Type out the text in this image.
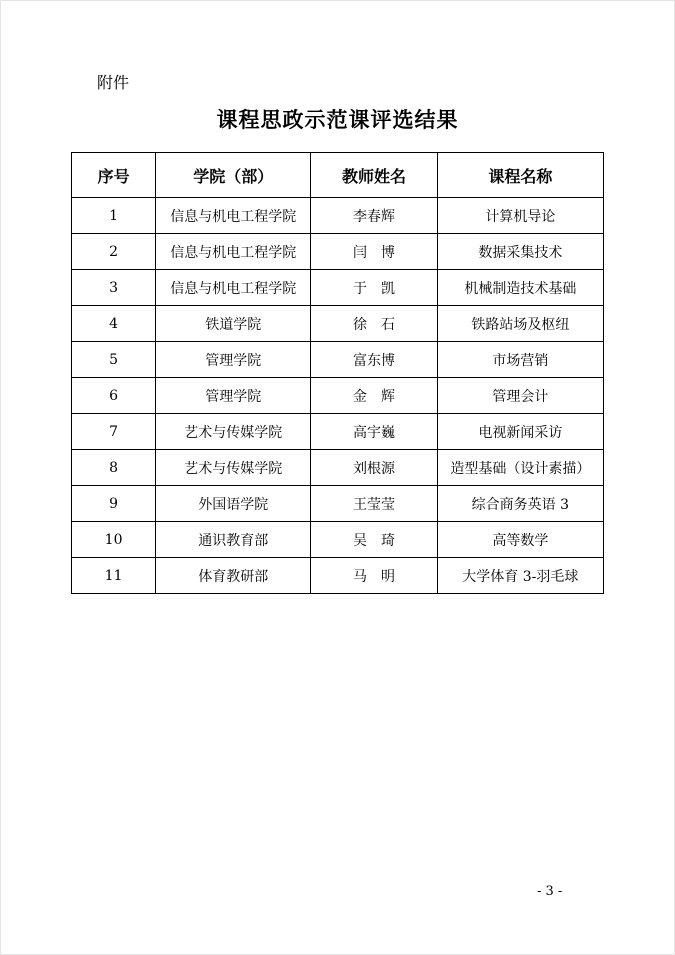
附件
课程思政示范课评选结果
序号	学院（部）	教师姓名	课程名称
1	信息与机电工程学院	李春辉	计算机导论
2	信息与机电工程学院	闫　博	数据采集技术
3	信息与机电工程学院	于　凯	机械制造技术基础
4	铁道学院	徐　石	铁路站场及枢纽
5	管理学院	富东博	市场营销
6	管理学院	金　辉	管理会计
7	艺术与传媒学院	高宇巍	电视新闻采访
8	艺术与传媒学院	刘根源	造型基础（设计素描）
9	外国语学院	王莹莹	综合商务英语 3
10	通识教育部	吴　琦	高等数学
11	体育教研部	马　明	大学体育 3-羽毛球
- 3 -
